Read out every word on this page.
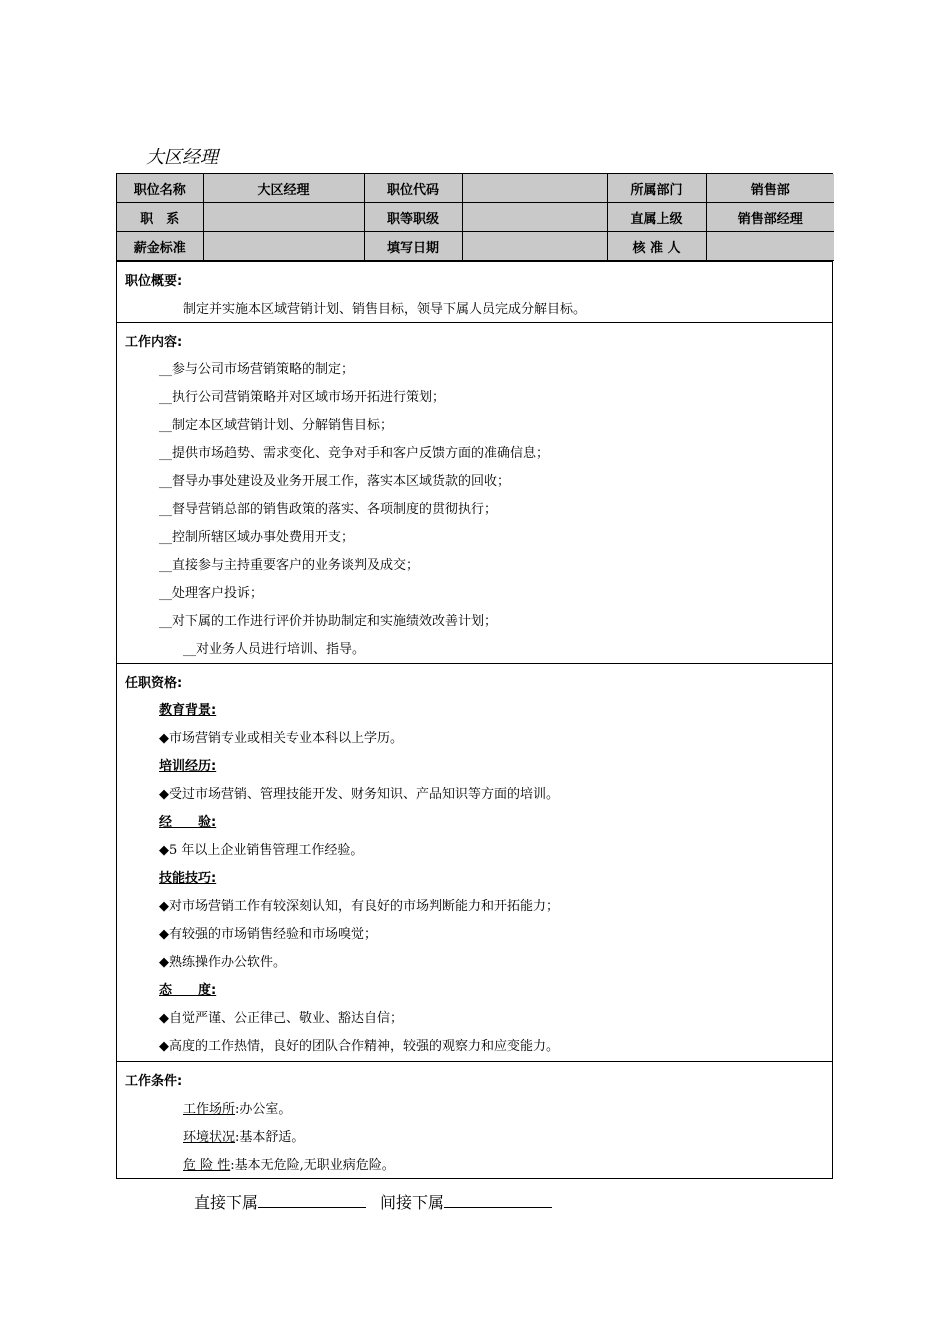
大区经理
职位名称	大区经理	职位代码		所属部门	销售部
职　系		职等职级		直属上级	销售部经理
薪金标准		填写日期		核 准 人	
职位概要:
制定并实施本区域营销计划、销售目标，领导下属人员完成分解目标。
工作内容:
__参与公司市场营销策略的制定；
__执行公司营销策略并对区域市场开拓进行策划；
__制定本区域营销计划、分解销售目标；
__提供市场趋势、需求变化、竞争对手和客户反馈方面的准确信息；
__督导办事处建设及业务开展工作，落实本区域货款的回收；
__督导营销总部的销售政策的落实、各项制度的贯彻执行；
__控制所辖区域办事处费用开支；
__直接参与主持重要客户的业务谈判及成交；
__处理客户投诉；
__对下属的工作进行评价并协助制定和实施绩效改善计划；
__对业务人员进行培训、指导。
任职资格:
教育背景:
◆市场营销专业或相关专业本科以上学历。
培训经历:
◆受过市场营销、管理技能开发、财务知识、产品知识等方面的培训。
经　　验:
◆5 年以上企业销售管理工作经验。
技能技巧:
◆对市场营销工作有较深刻认知，有良好的市场判断能力和开拓能力；
◆有较强的市场销售经验和市场嗅觉；
◆熟练操作办公软件。
态　　度:
◆自觉严谨、公正律己、敬业、豁达自信；
◆高度的工作热情，良好的团队合作精神，较强的观察力和应变能力。
工作条件:
工作场所:办公室。
环境状况:基本舒适。
危 险 性:基本无危险,无职业病危险。
直接下属	间接下属
